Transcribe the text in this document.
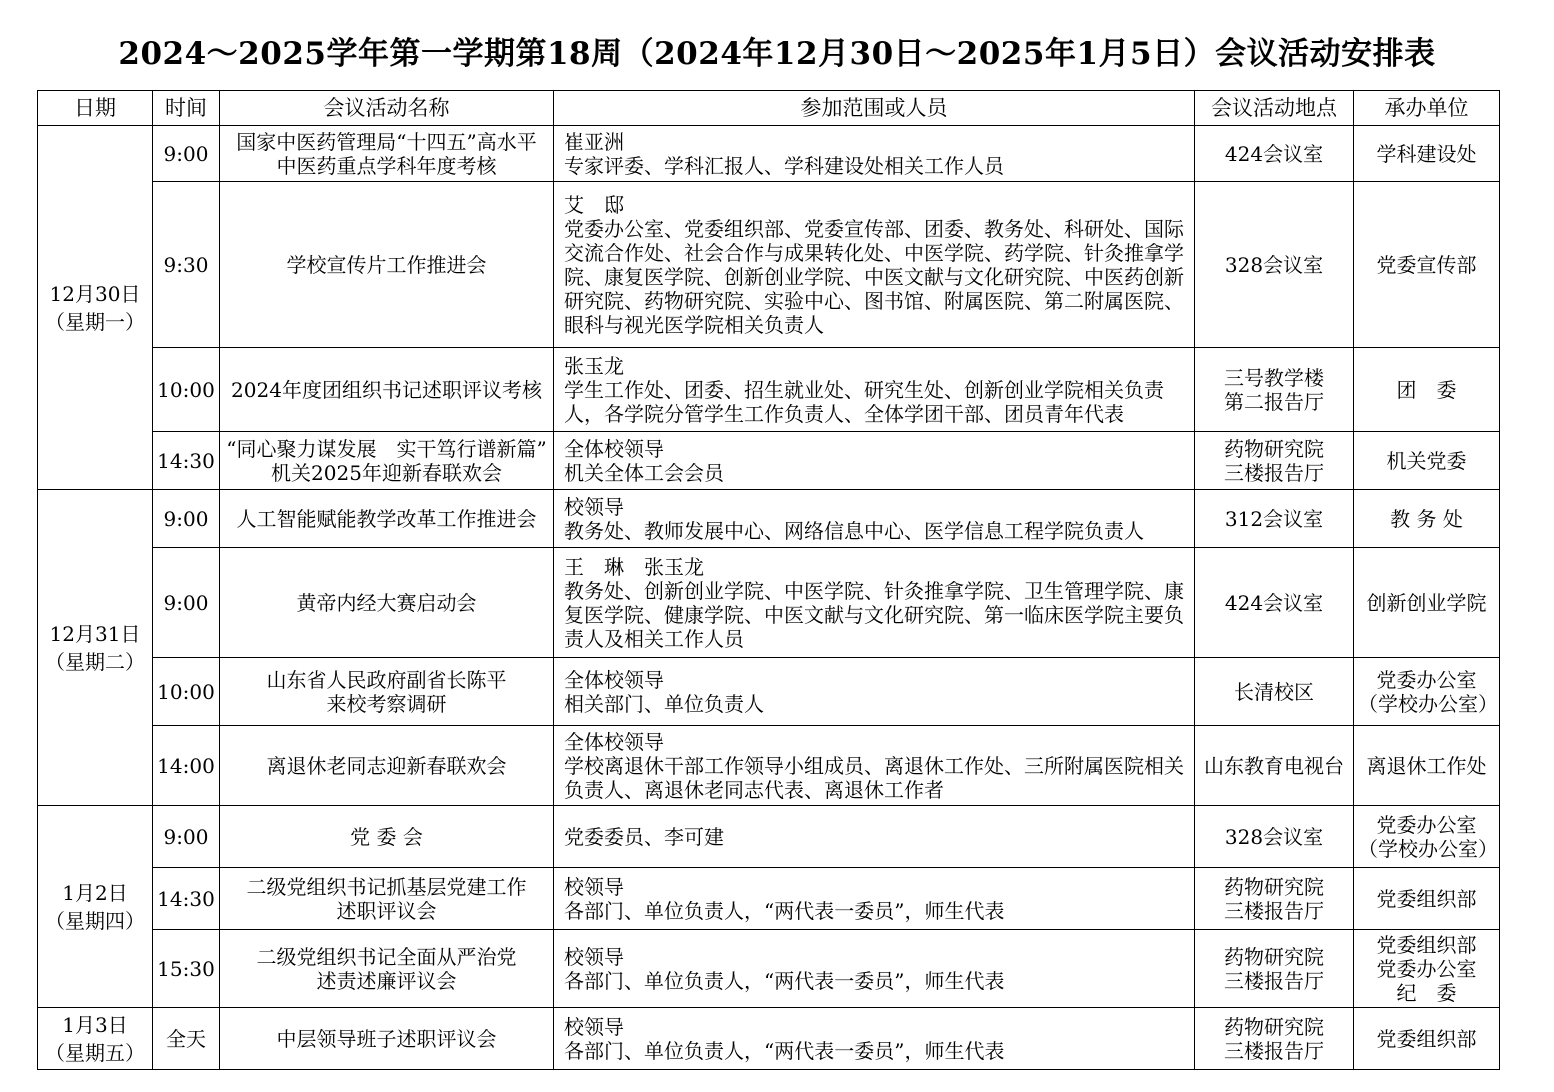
2024～2025学年第一学期第18周（2024年12月30日～2025年1月5日）会议活动安排表
日期	时间	会议活动名称	参加范围或人员	会议活动地点	承办单位

12月30日
（星期一）	9:00	国家中医药管理局“十四五”高水平
中医药重点学科年度考核	崔亚洲
专家评委、学科汇报人、学科建设处相关工作人员	424会议室	学科建设处

	9:30	学校宣传片工作推进会	艾　邸
党委办公室、党委组织部、党委宣传部、团委、教务处、科研处、国际交流合作处、社会合作与成果转化处、中医学院、药学院、针灸推拿学院、康复医学院、创新创业学院、中医文献与文化研究院、中医药创新研究院、药物研究院、实验中心、图书馆、附属医院、第二附属医院、眼科与视光医学院相关负责人	328会议室	党委宣传部

	10:00	2024年度团组织书记述职评议考核	张玉龙
学生工作处、团委、招生就业处、研究生处、创新创业学院相关负责人，各学院分管学生工作负责人、全体学团干部、团员青年代表	三号教学楼
第二报告厅	团　委

	14:30	“同心聚力谋发展　实干笃行谱新篇”
机关2025年迎新春联欢会	全体校领导
机关全体工会会员	药物研究院
三楼报告厅	机关党委

12月31日
（星期二）	9:00	人工智能赋能教学改革工作推进会	校领导
教务处、教师发展中心、网络信息中心、医学信息工程学院负责人	312会议室	教 务 处

	9:00	黄帝内经大赛启动会	王　琳　张玉龙
教务处、创新创业学院、中医学院、针灸推拿学院、卫生管理学院、康复医学院、健康学院、中医文献与文化研究院、第一临床医学院主要负责人及相关工作人员	424会议室	创新创业学院

	10:00	山东省人民政府副省长陈平
来校考察调研	全体校领导
相关部门、单位负责人	长清校区	党委办公室
（学校办公室）

	14:00	离退休老同志迎新春联欢会	全体校领导
学校离退休干部工作领导小组成员、离退休工作处、三所附属医院相关负责人、离退休老同志代表、离退休工作者	山东教育电视台	离退休工作处

1月2日
（星期四）	9:00	党 委 会	党委委员、李可建	328会议室	党委办公室
（学校办公室）

	14:30	二级党组织书记抓基层党建工作
述职评议会	校领导
各部门、单位负责人，“两代表一委员”，师生代表	药物研究院
三楼报告厅	党委组织部

	15:30	二级党组织书记全面从严治党
述责述廉评议会	校领导
各部门、单位负责人，“两代表一委员”，师生代表	药物研究院
三楼报告厅	党委组织部
党委办公室
纪　委

1月3日
（星期五）	全天	中层领导班子述职评议会	校领导
各部门、单位负责人，“两代表一委员”，师生代表	药物研究院
三楼报告厅	党委组织部
